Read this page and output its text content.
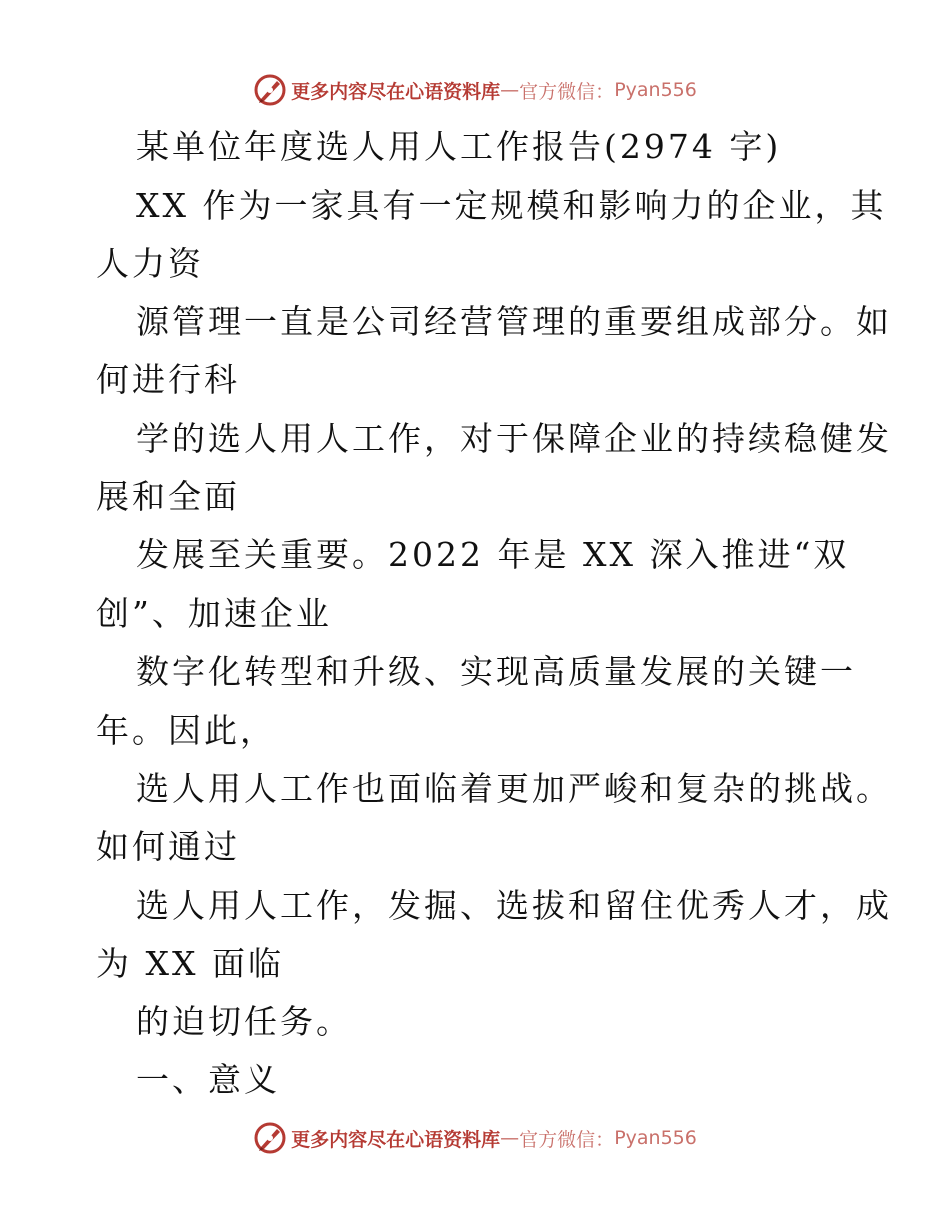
更多内容尽在心语资料库 — 官方微信： Pyan556
某单位年度选人用人工作报告(2974 字)
XX 作为一家具有一定规模和影响力的企业，其
人力资
源管理一直是公司经营管理的重要组成部分。如
何进行科
学的选人用人工作，对于保障企业的持续稳健发
展和全面
发展至关重要。2022 年是 XX 深入推进“双
创”、加速企业
数字化转型和升级、实现高质量发展的关键一
年。因此，
选人用人工作也面临着更加严峻和复杂的挑战。
如何通过
选人用人工作，发掘、选拔和留住优秀人才，成
为 XX 面临
的迫切任务。
一、意义
更多内容尽在心语资料库 — 官方微信： Pyan556
